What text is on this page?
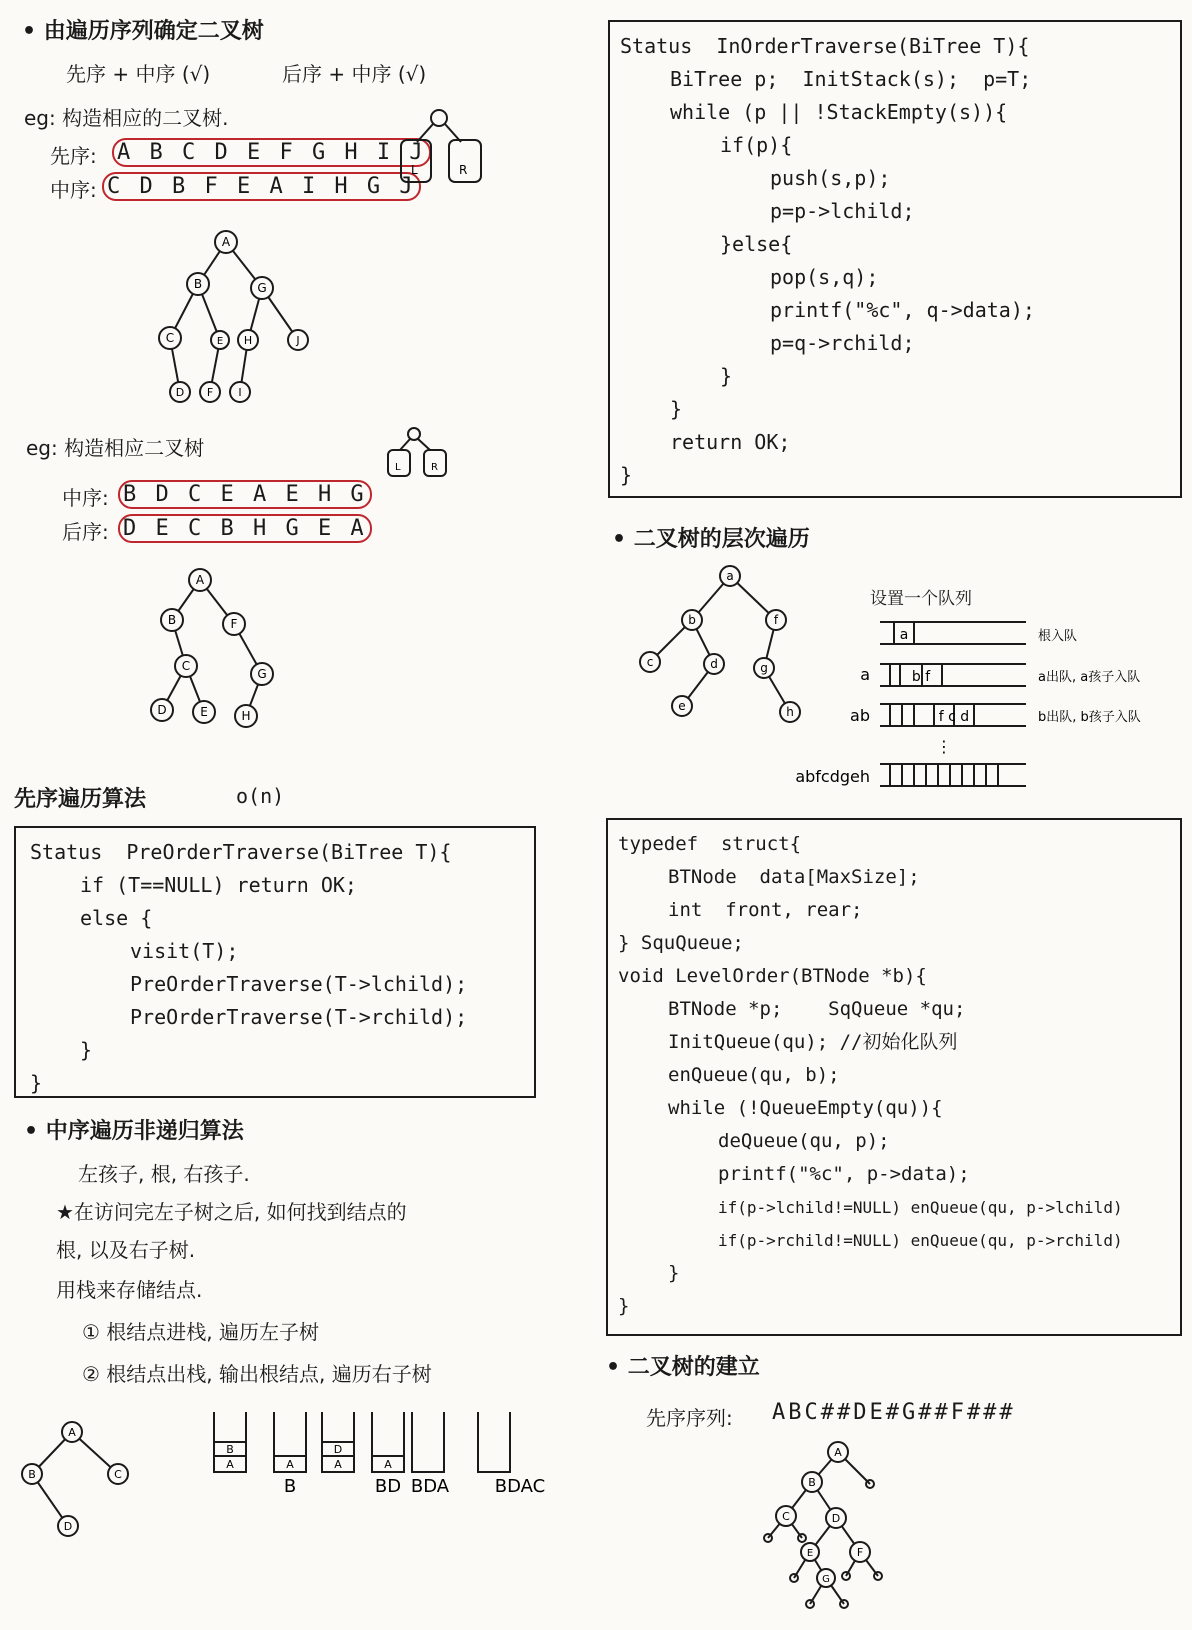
• 由遍历序列确定二叉树
先序 + 中序 (√)	后序 + 中序 (√)
eg: 构造相应的二叉树.
先序: A B C D E F G H I J
中序: C D B F E A I H G J
L	R
A
B	G
C	E H	J
D F I
eg: 构造相应二叉树
L	R
中序: B D C E A E H G
后序: D E C B H G E A
A
B	F
C
G
D	E	H
先序遍历算法	o(n)
Status  PreOrderTraverse(BiTree T){
if (T==NULL) return OK;
else {
visit(T);
PreOrderTraverse(T->lchild);
PreOrderTraverse(T->rchild);
}
}
• 中序遍历非递归算法
左孩子, 根, 右孩子.
★在访问完左子树之后, 如何找到结点的
根, 以及右子树.
用栈来存储结点.
① 根结点进栈, 遍历左子树
② 根结点出栈, 输出根结点, 遍历右子树
A
B	C
D
B
A	A
D
A	A
B	BD BDA	BDAC
Status  InOrderTraverse(BiTree T){
BiTree p;  InitStack(s);  p=T;
while (p || !StackEmpty(s)){
if(p){
push(s,p);
p=p->lchild;
}else{
pop(s,q);
printf("%c", q->data);
p=q->rchild;
}
}
return OK;
}
• 二叉树的层次遍历
a
b	f
c	d	g
e	h
设置一个队列
a
b f
f c d
a
ab
abfcdgeh
⋮
根入队
a出队, a孩子入队
b出队, b孩子入队
typedef  struct{
BTNode  data[MaxSize];
int  front, rear;
} SquQueue;
void LevelOrder(BTNode *b){
BTNode *p;    SqQueue *qu;
InitQueue(qu); //初始化队列
enQueue(qu, b);
while (!QueueEmpty(qu)){
deQueue(qu, p);
printf("%c", p->data);
if(p->lchild!=NULL) enQueue(qu, p->lchild)
if(p->rchild!=NULL) enQueue(qu, p->rchild)
}
}
• 二叉树的建立
先序序列: ABC##DE#G##F###
A
B
C	D
E	F
G
